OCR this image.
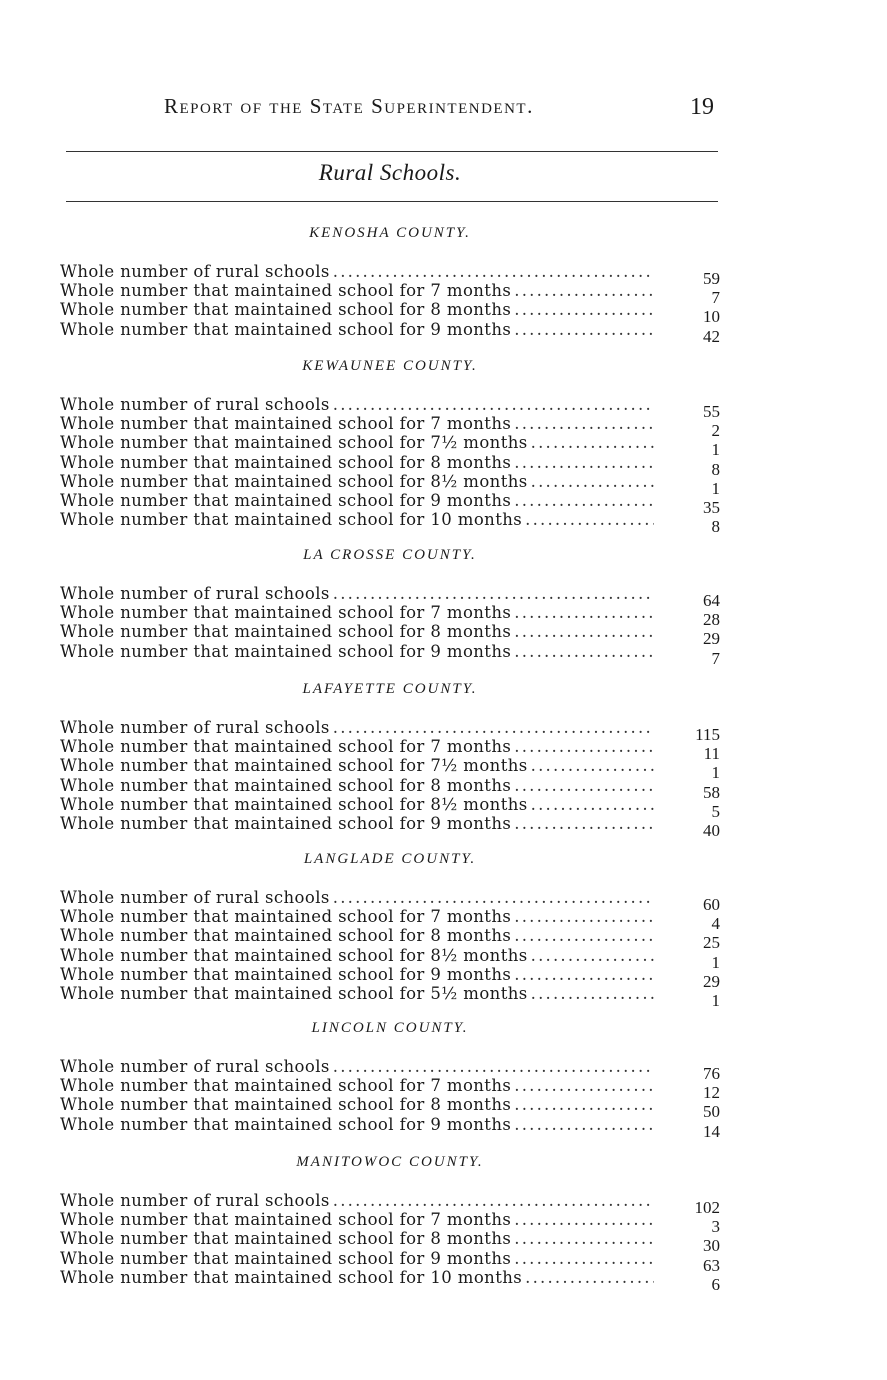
Report of the State Superintendent.	19
Rural Schools.
KENOSHA COUNTY.
Whole number of rural schools .....	59
Whole number that maintained school for 7 months .....	7
Whole number that maintained school for 8 months .....	10
Whole number that maintained school for 9 months .....	42
KEWAUNEE COUNTY.
Whole number of rural schools .....	55
Whole number that maintained school for 7 months .....	2
Whole number that maintained school for 7½ months .....	1
Whole number that maintained school for 8 months .....	8
Whole number that maintained school for 8½ months .....	1
Whole number that maintained school for 9 months .....	35
Whole number that maintained school for 10 months .....	8
LA CROSSE COUNTY.
Whole number of rural schools .....	64
Whole number that maintained school for 7 months .....	28
Whole number that maintained school for 8 months .....	29
Whole number that maintained school for 9 months .....	7
LAFAYETTE COUNTY.
Whole number of rural schools .....	115
Whole number that maintained school for 7 months .....	11
Whole number that maintained school for 7½ months .....	1
Whole number that maintained school for 8 months .....	58
Whole number that maintained school for 8½ months .....	5
Whole number that maintained school for 9 months .....	40
LANGLADE COUNTY.
Whole number of rural schools .....	60
Whole number that maintained school for 7 months .....	4
Whole number that maintained school for 8 months .....	25
Whole number that maintained school for 8½ months .....	1
Whole number that maintained school for 9 months .....	29
Whole number that maintained school for 5½ months .....	1
LINCOLN COUNTY.
Whole number of rural schools .....	76
Whole number that maintained school for 7 months .....	12
Whole number that maintained school for 8 months .....	50
Whole number that maintained school for 9 months .....	14
MANITOWOC COUNTY.
Whole number of rural schools .....	102
Whole number that maintained school for 7 months .....	3
Whole number that maintained school for 8 months .....	30
Whole number that maintained school for 9 months .....	63
Whole number that maintained school for 10 months .....	6
